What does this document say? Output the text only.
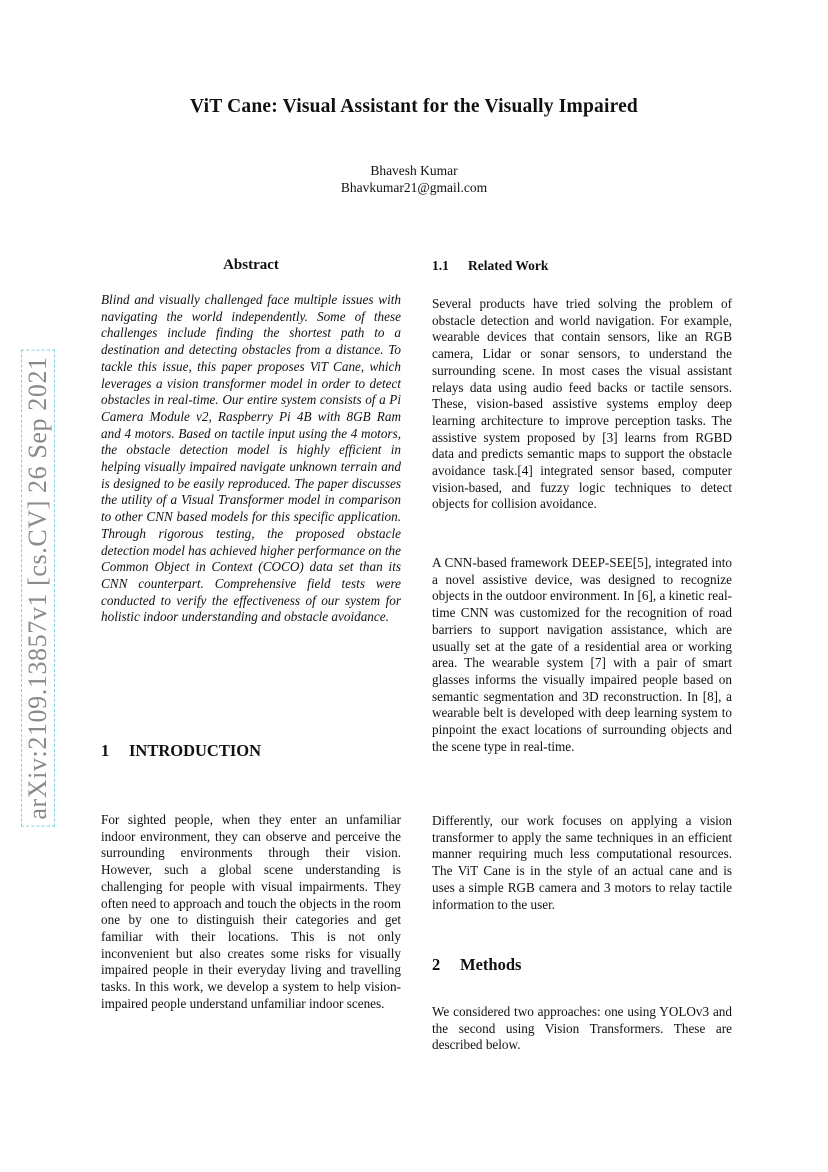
ViT Cane: Visual Assistant for the Visually Impaired
Bhavesh Kumar
Bhavkumar21@gmail.com
arXiv:2109.13857v1 [cs.CV] 26 Sep 2021
Abstract
Blind and visually challenged face multiple issues with navigating the world independently. Some of these challenges include finding the shortest path to a destination and detecting obstacles from a distance. To tackle this issue, this paper proposes ViT Cane, which leverages a vision transformer model in order to detect obstacles in real-time. Our entire system consists of a Pi Camera Module v2, Raspberry Pi 4B with 8GB Ram and 4 motors. Based on tactile input using the 4 motors, the obstacle detection model is highly efficient in helping visually impaired navigate unknown terrain and is designed to be easily reproduced. The paper discusses the utility of a Visual Transformer model in comparison to other CNN based models for this specific application. Through rigorous testing, the proposed obstacle detection model has achieved higher performance on the Common Object in Context (COCO) data set than its CNN counterpart. Comprehensive field tests were conducted to verify the effectiveness of our system for holistic indoor understanding and obstacle avoidance.
1 INTRODUCTION
For sighted people, when they enter an unfamiliar indoor environment, they can observe and perceive the surrounding environments through their vision. However, such a global scene understanding is challenging for people with visual impairments. They often need to approach and touch the objects in the room one by one to distinguish their categories and get familiar with their locations. This is not only inconvenient but also creates some risks for visually impaired people in their everyday living and travelling tasks. In this work, we develop a system to help vision-impaired people understand unfamiliar indoor scenes.
1.1 Related Work
Several products have tried solving the problem of obstacle detection and world navigation. For example, wearable devices that contain sensors, like an RGB camera, Lidar or sonar sensors, to understand the surrounding scene. In most cases the visual assistant relays data using audio feed backs or tactile sensors. These, vision-based assistive systems employ deep learning architecture to improve perception tasks. The assistive system proposed by [3] learns from RGBD data and predicts semantic maps to support the obstacle avoidance task.[4] integrated sensor based, computer vision-based, and fuzzy logic techniques to detect objects for collision avoidance.
A CNN-based framework DEEP-SEE[5], integrated into a novel assistive device, was designed to recognize objects in the outdoor environment. In [6], a kinetic real-time CNN was customized for the recognition of road barriers to support navigation assistance, which are usually set at the gate of a residential area or working area. The wearable system [7] with a pair of smart glasses informs the visually impaired people based on semantic segmentation and 3D reconstruction. In [8], a wearable belt is developed with deep learning system to pinpoint the exact locations of surrounding objects and the scene type in real-time.
Differently, our work focuses on applying a vision transformer to apply the same techniques in an efficient manner requiring much less computational resources. The ViT Cane is in the style of an actual cane and is uses a simple RGB camera and 3 motors to relay tactile information to the user.
2 Methods
We considered two approaches: one using YOLOv3 and the second using Vision Transformers. These are described below.
